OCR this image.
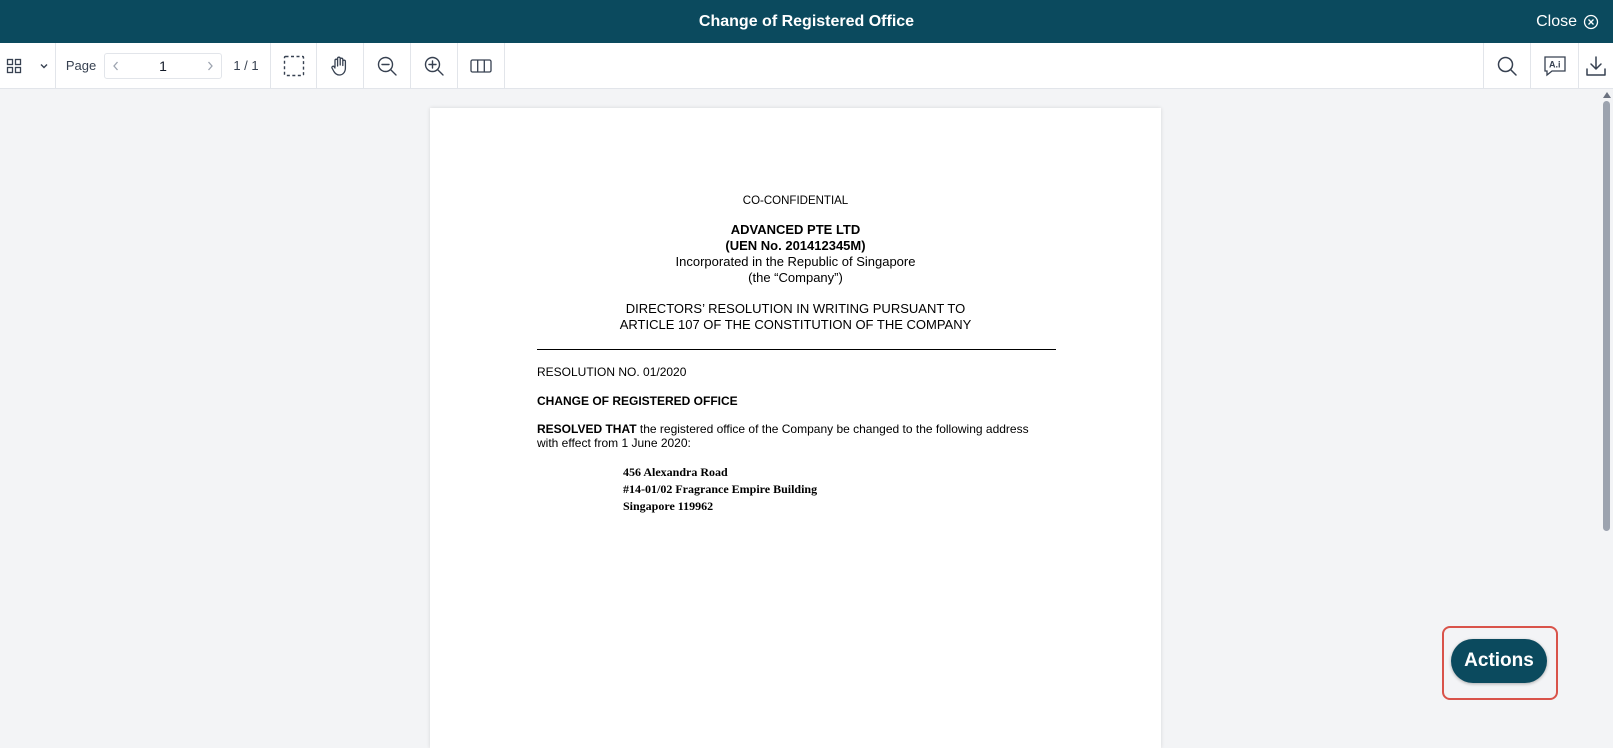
Change of Registered Office	Close
Page	1	1 / 1	A.i
CO-CONFIDENTIAL
ADVANCED PTE LTD
(UEN No. 201412345M)
Incorporated in the Republic of Singapore
(the “Company”)
DIRECTORS’ RESOLUTION IN WRITING PURSUANT TO
ARTICLE 107 OF THE CONSTITUTION OF THE COMPANY
RESOLUTION NO. 01/2020
CHANGE OF REGISTERED OFFICE
RESOLVED THAT the registered office of the Company be changed to the following address
with effect from 1 June 2020:
456 Alexandra Road
#14-01/02 Fragrance Empire Building
Singapore 119962
Actions
